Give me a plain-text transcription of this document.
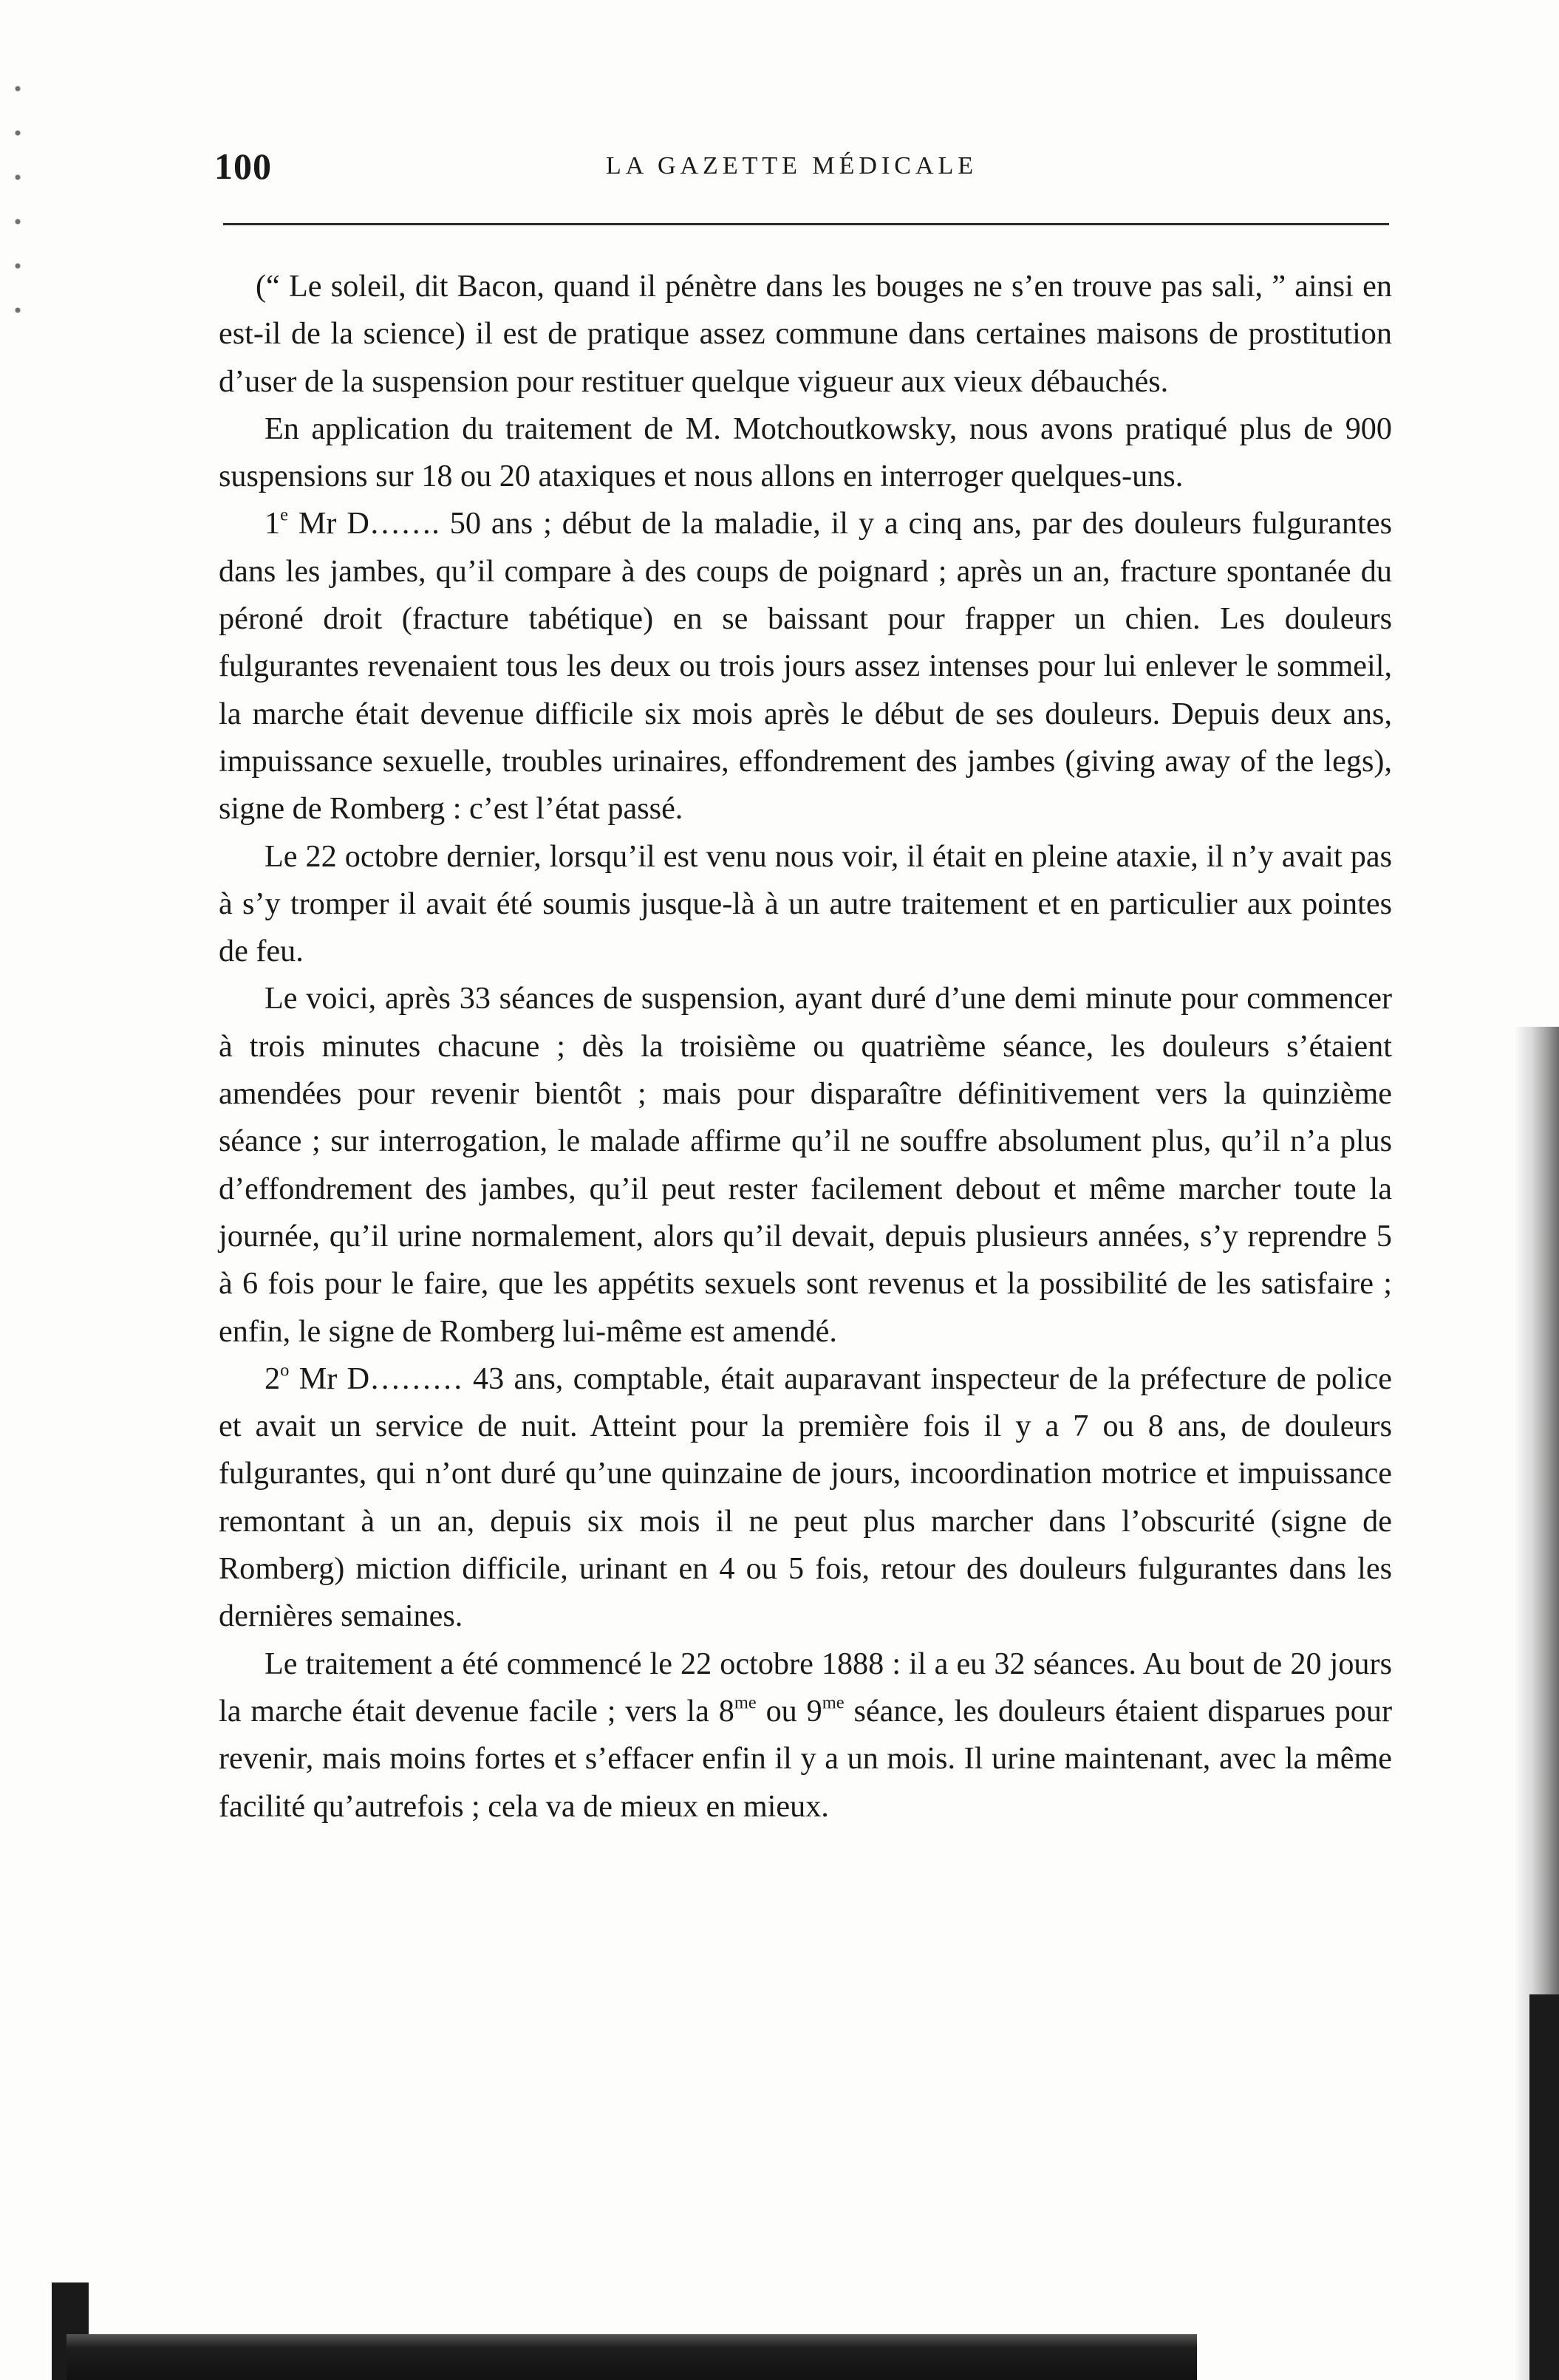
100	LA GAZETTE MÉDICALE

(“ Le soleil, dit Bacon, quand il pénètre dans les bouges ne s’en trouve pas sali, ” ainsi en est-il de la science) il est de pratique assez commune dans certaines maisons de prostitution d’user de la suspension pour restituer quelque vigueur aux vieux débauchés.

En application du traitement de M. Motchoutkowsky, nous avons pratiqué plus de 900 suspensions sur 18 ou 20 ataxiques et nous allons en interroger quelques-uns.

1e Mr D……. 50 ans ; début de la maladie, il y a cinq ans, par des douleurs fulgurantes dans les jambes, qu’il compare à des coups de poignard ; après un an, fracture spontanée du péroné droit (fracture tabétique) en se baissant pour frapper un chien. Les douleurs fulgurantes revenaient tous les deux ou trois jours assez intenses pour lui enlever le sommeil, la marche était devenue difficile six mois après le début de ses douleurs. Depuis deux ans, impuissance sexuelle, troubles urinaires, effondrement des jambes (giving away of the legs), signe de Romberg : c’est l’état passé.

Le 22 octobre dernier, lorsqu’il est venu nous voir, il était en pleine ataxie, il n’y avait pas à s’y tromper il avait été soumis jusque-là à un autre traitement et en particulier aux pointes de feu.

Le voici, après 33 séances de suspension, ayant duré d’une demi minute pour commencer à trois minutes chacune ; dès la troisième ou quatrième séance, les douleurs s’étaient amendées pour revenir bientôt ; mais pour disparaître définitivement vers la quinzième séance ; sur interrogation, le malade affirme qu’il ne souffre absolument plus, qu’il n’a plus d’effondrement des jambes, qu’il peut rester facilement debout et même marcher toute la journée, qu’il urine normalement, alors qu’il devait, depuis plusieurs années, s’y reprendre 5 à 6 fois pour le faire, que les appétits sexuels sont revenus et la possibilité de les satisfaire ; enfin, le signe de Romberg lui-même est amendé.

2$^o$ Mr D……… 43 ans, comptable, était auparavant inspecteur de la préfecture de police et avait un service de nuit. Atteint pour la première fois il y a 7 ou 8 ans, de douleurs fulgurantes, qui n’ont duré qu’une quinzaine de jours, incoordination motrice et impuissance remontant à un an, depuis six mois il ne peut plus marcher dans l’obscurité (signe de Romberg) miction difficile, urinant en 4 ou 5 fois, retour des douleurs fulgurantes dans les dernières semaines.

Le traitement a été commencé le 22 octobre 1888 : il a eu 32 séances. Au bout de 20 jours la marche était devenue facile ; vers la $8^{me}$ ou $9^{me}$ séance, les douleurs étaient disparues pour revenir, mais moins fortes et s’effacer enfin il y a un mois. Il urine maintenant, avec la même facilité qu’autrefois ; cela va de mieux en mieux.
